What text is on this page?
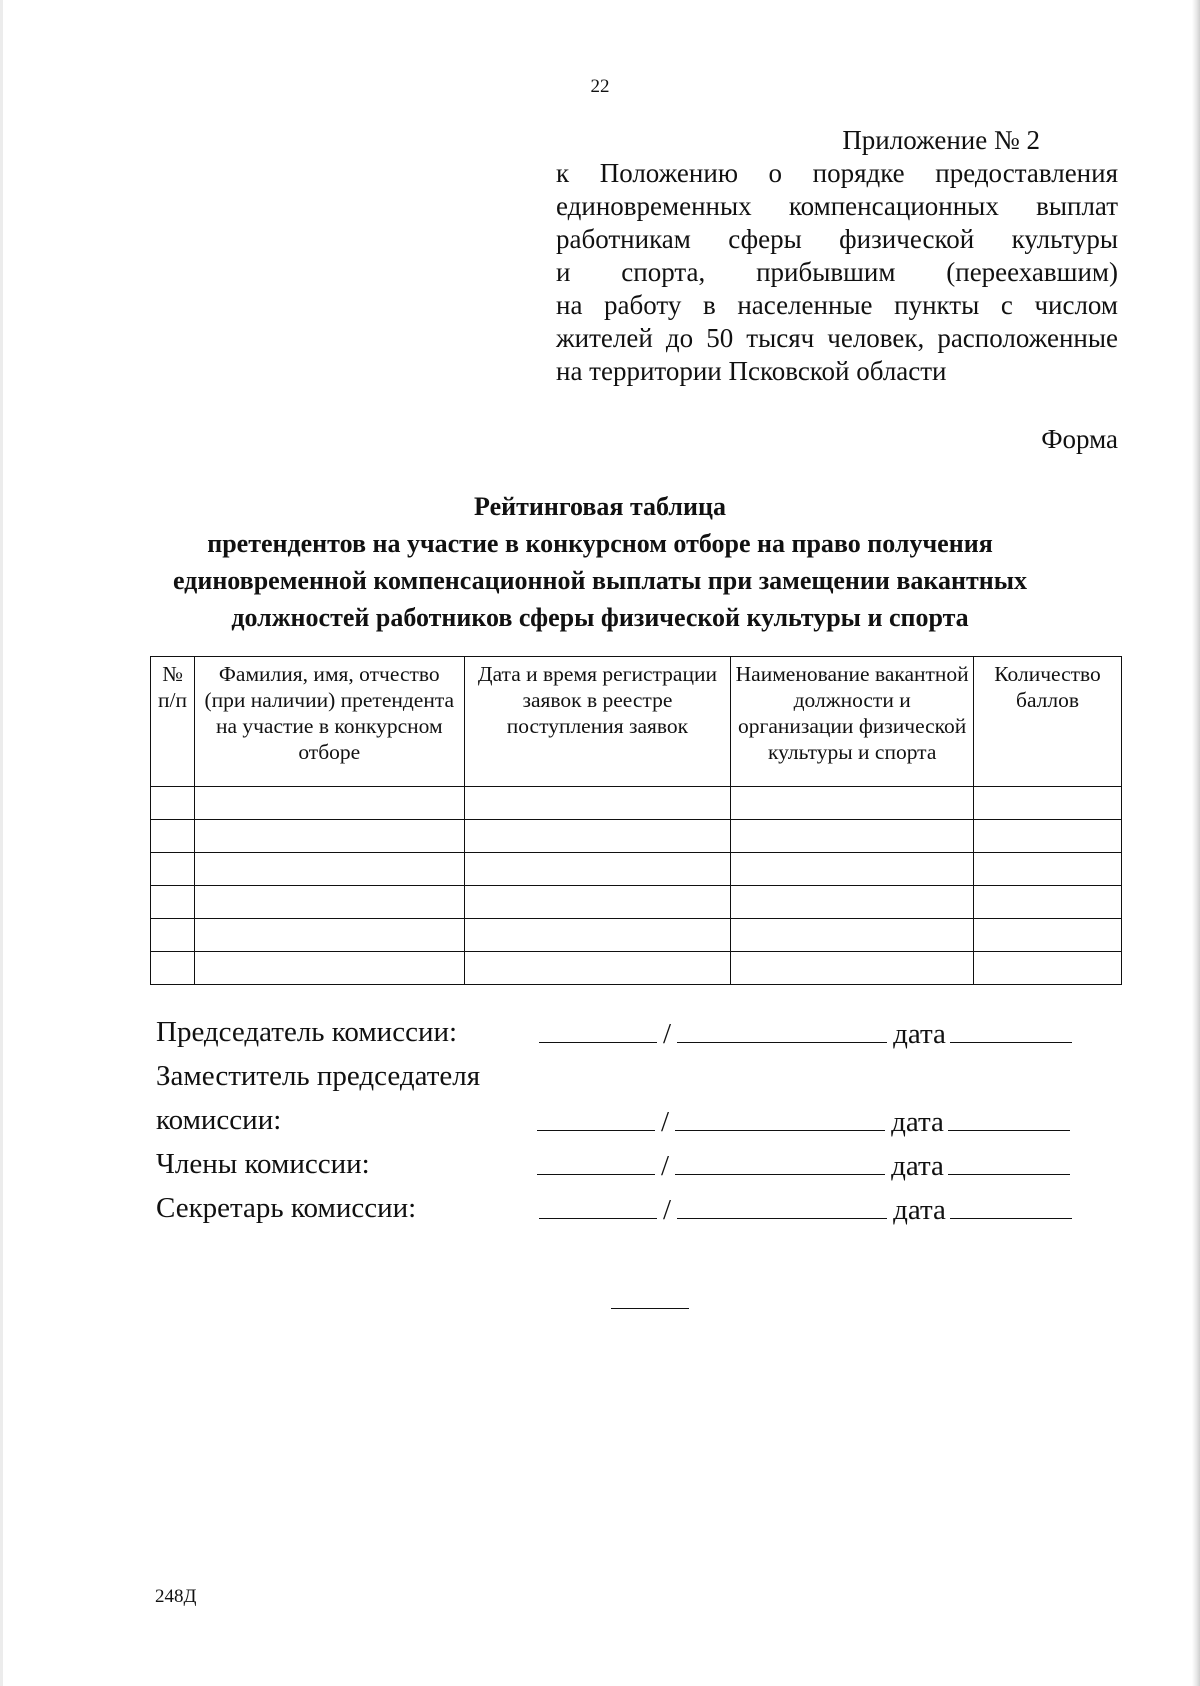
22
Приложение № 2
к Положению о порядке предоставления
единовременных компенсационных выплат
работникам сферы физической культуры
и спорта, прибывшим (переехавшим)
на работу в населенные пункты с числом
жителей до 50 тысяч человек, расположенные
на территории Псковской области
Форма
Рейтинговая таблица
претендентов на участие в конкурсном отборе на право получения
единовременной компенсационной выплаты при замещении вакантных
должностей работников сферы физической культуры и спорта
№ п/п	Фамилия, имя, отчество (при наличии) претендента на участие в конкурсном отборе	Дата и время регистрации заявок в реестре поступления заявок	Наименование вакантной должности и организации физической культуры и спорта	Количество баллов

Председатель комиссии:	/	дата
Заместитель председателя
комиссии:	/	дата
Члены комиссии:	/	дата
Секретарь комиссии:	/	дата
248Д
